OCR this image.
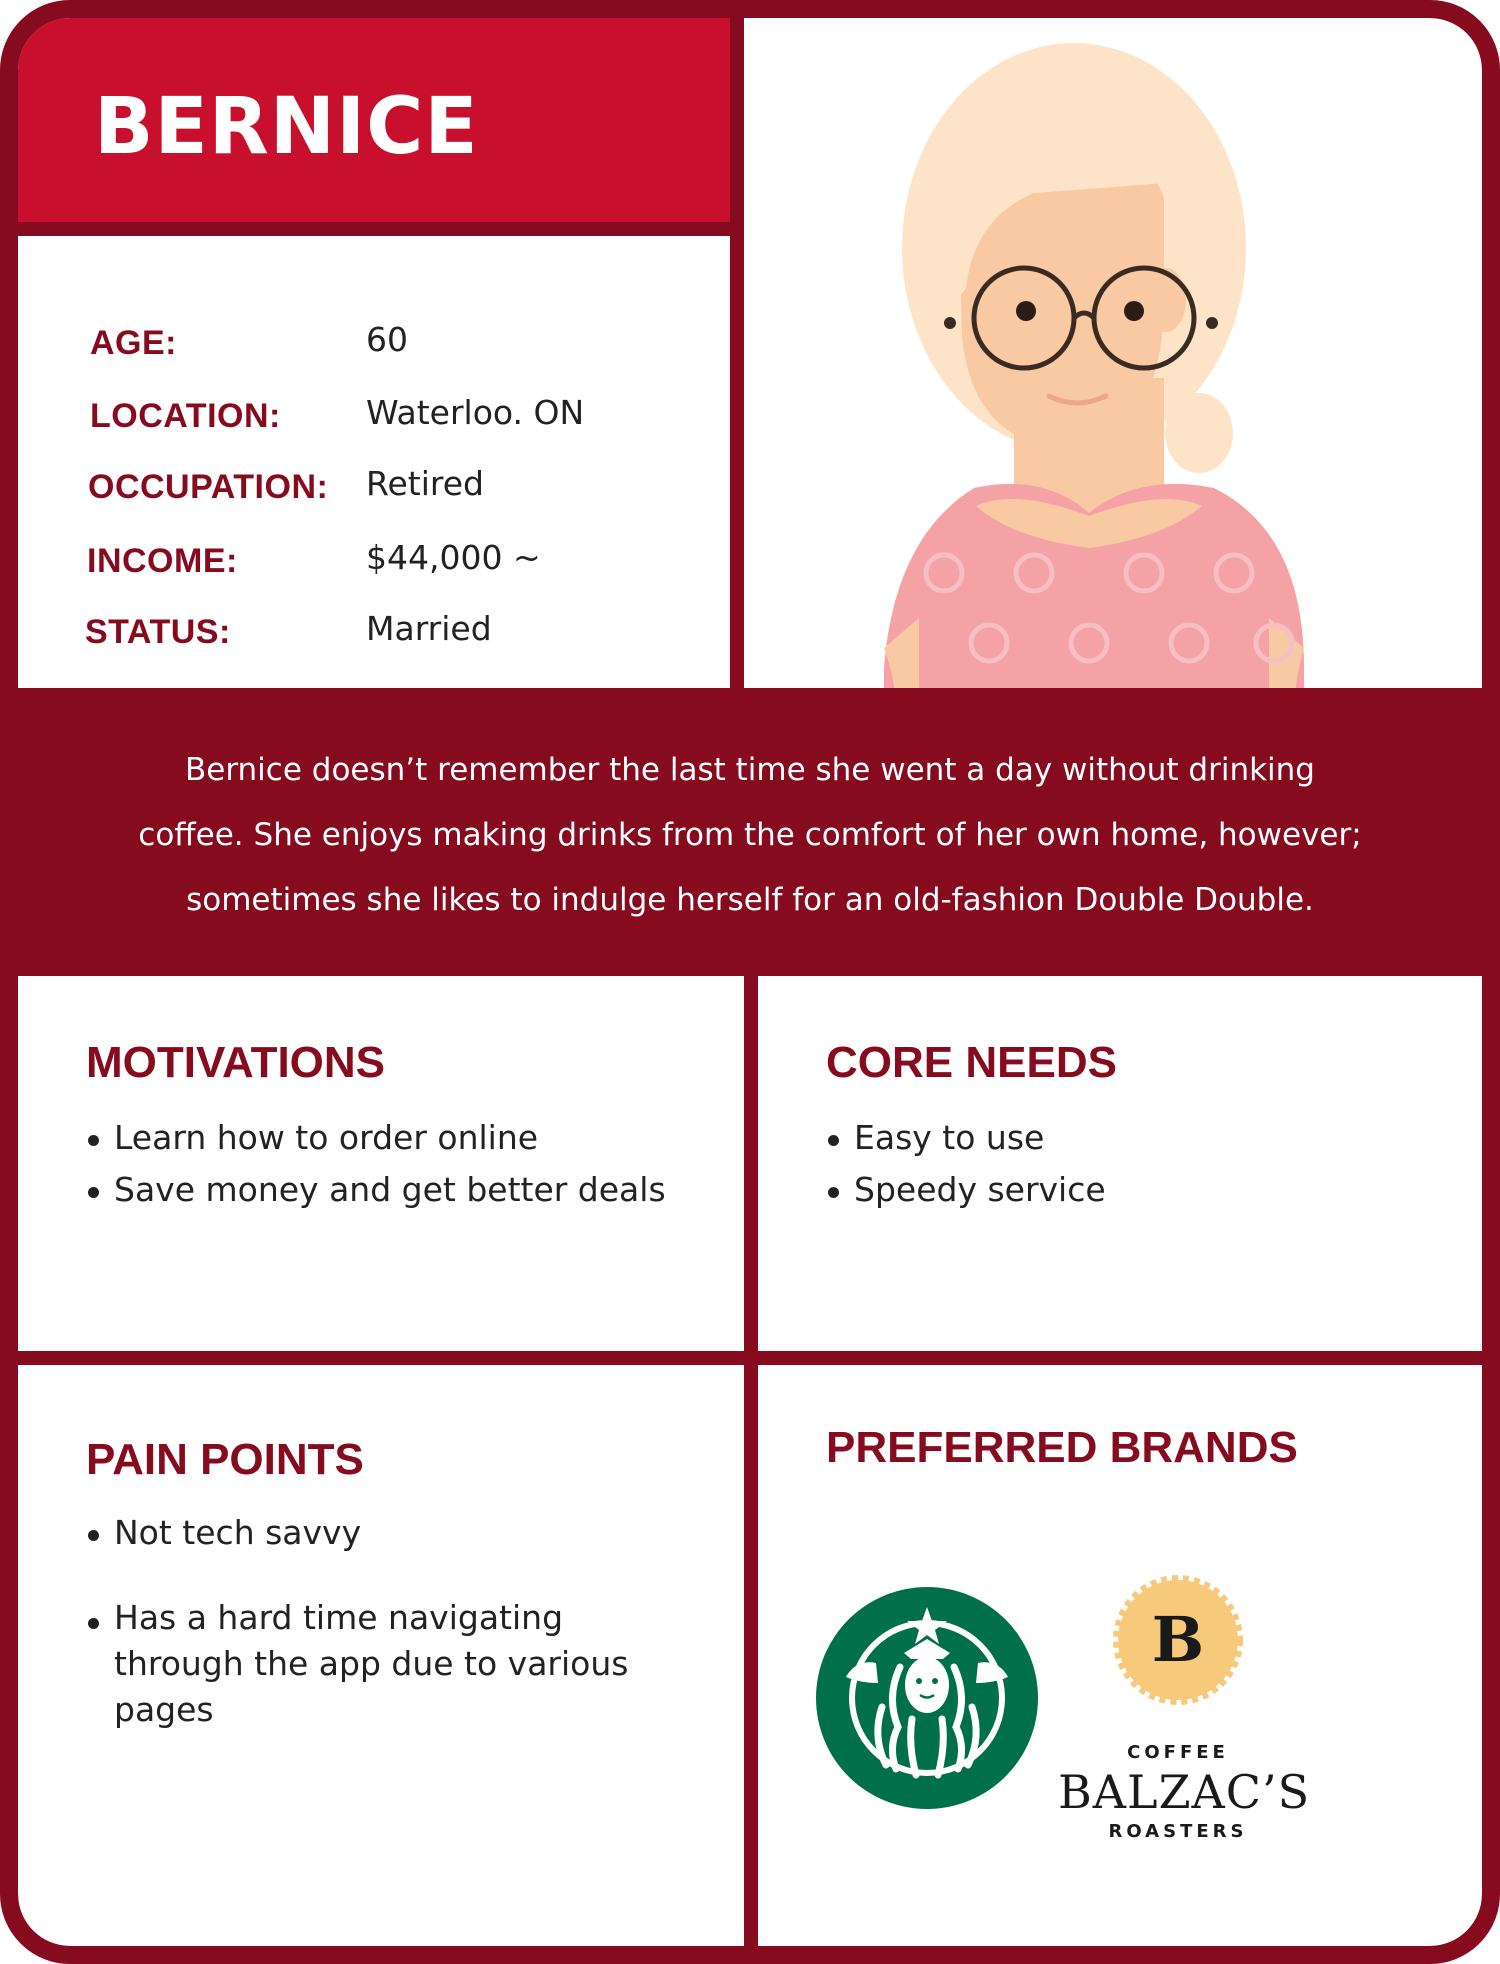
BERNICE
AGE:	60
LOCATION:	Waterloo. ON
OCCUPATION: Retired
INCOME:	$44,000 ~
STATUS:	Married

Bernice doesn’t remember the last time she went a day without drinking
coffee. She enjoys making drinks from the comfort of her own home, however;
sometimes she likes to indulge herself for an old-fashion Double Double.

MOTIVATIONS
Learn how to order online
Save money and get better deals
CORE NEEDS
Easy to use
Speedy service
PAIN POINTS
Not tech savvy
Has a hard time navigating through the app due to various pages
PREFERRED BRANDS
B
COFFEE
BALZAC’S
ROASTERS
